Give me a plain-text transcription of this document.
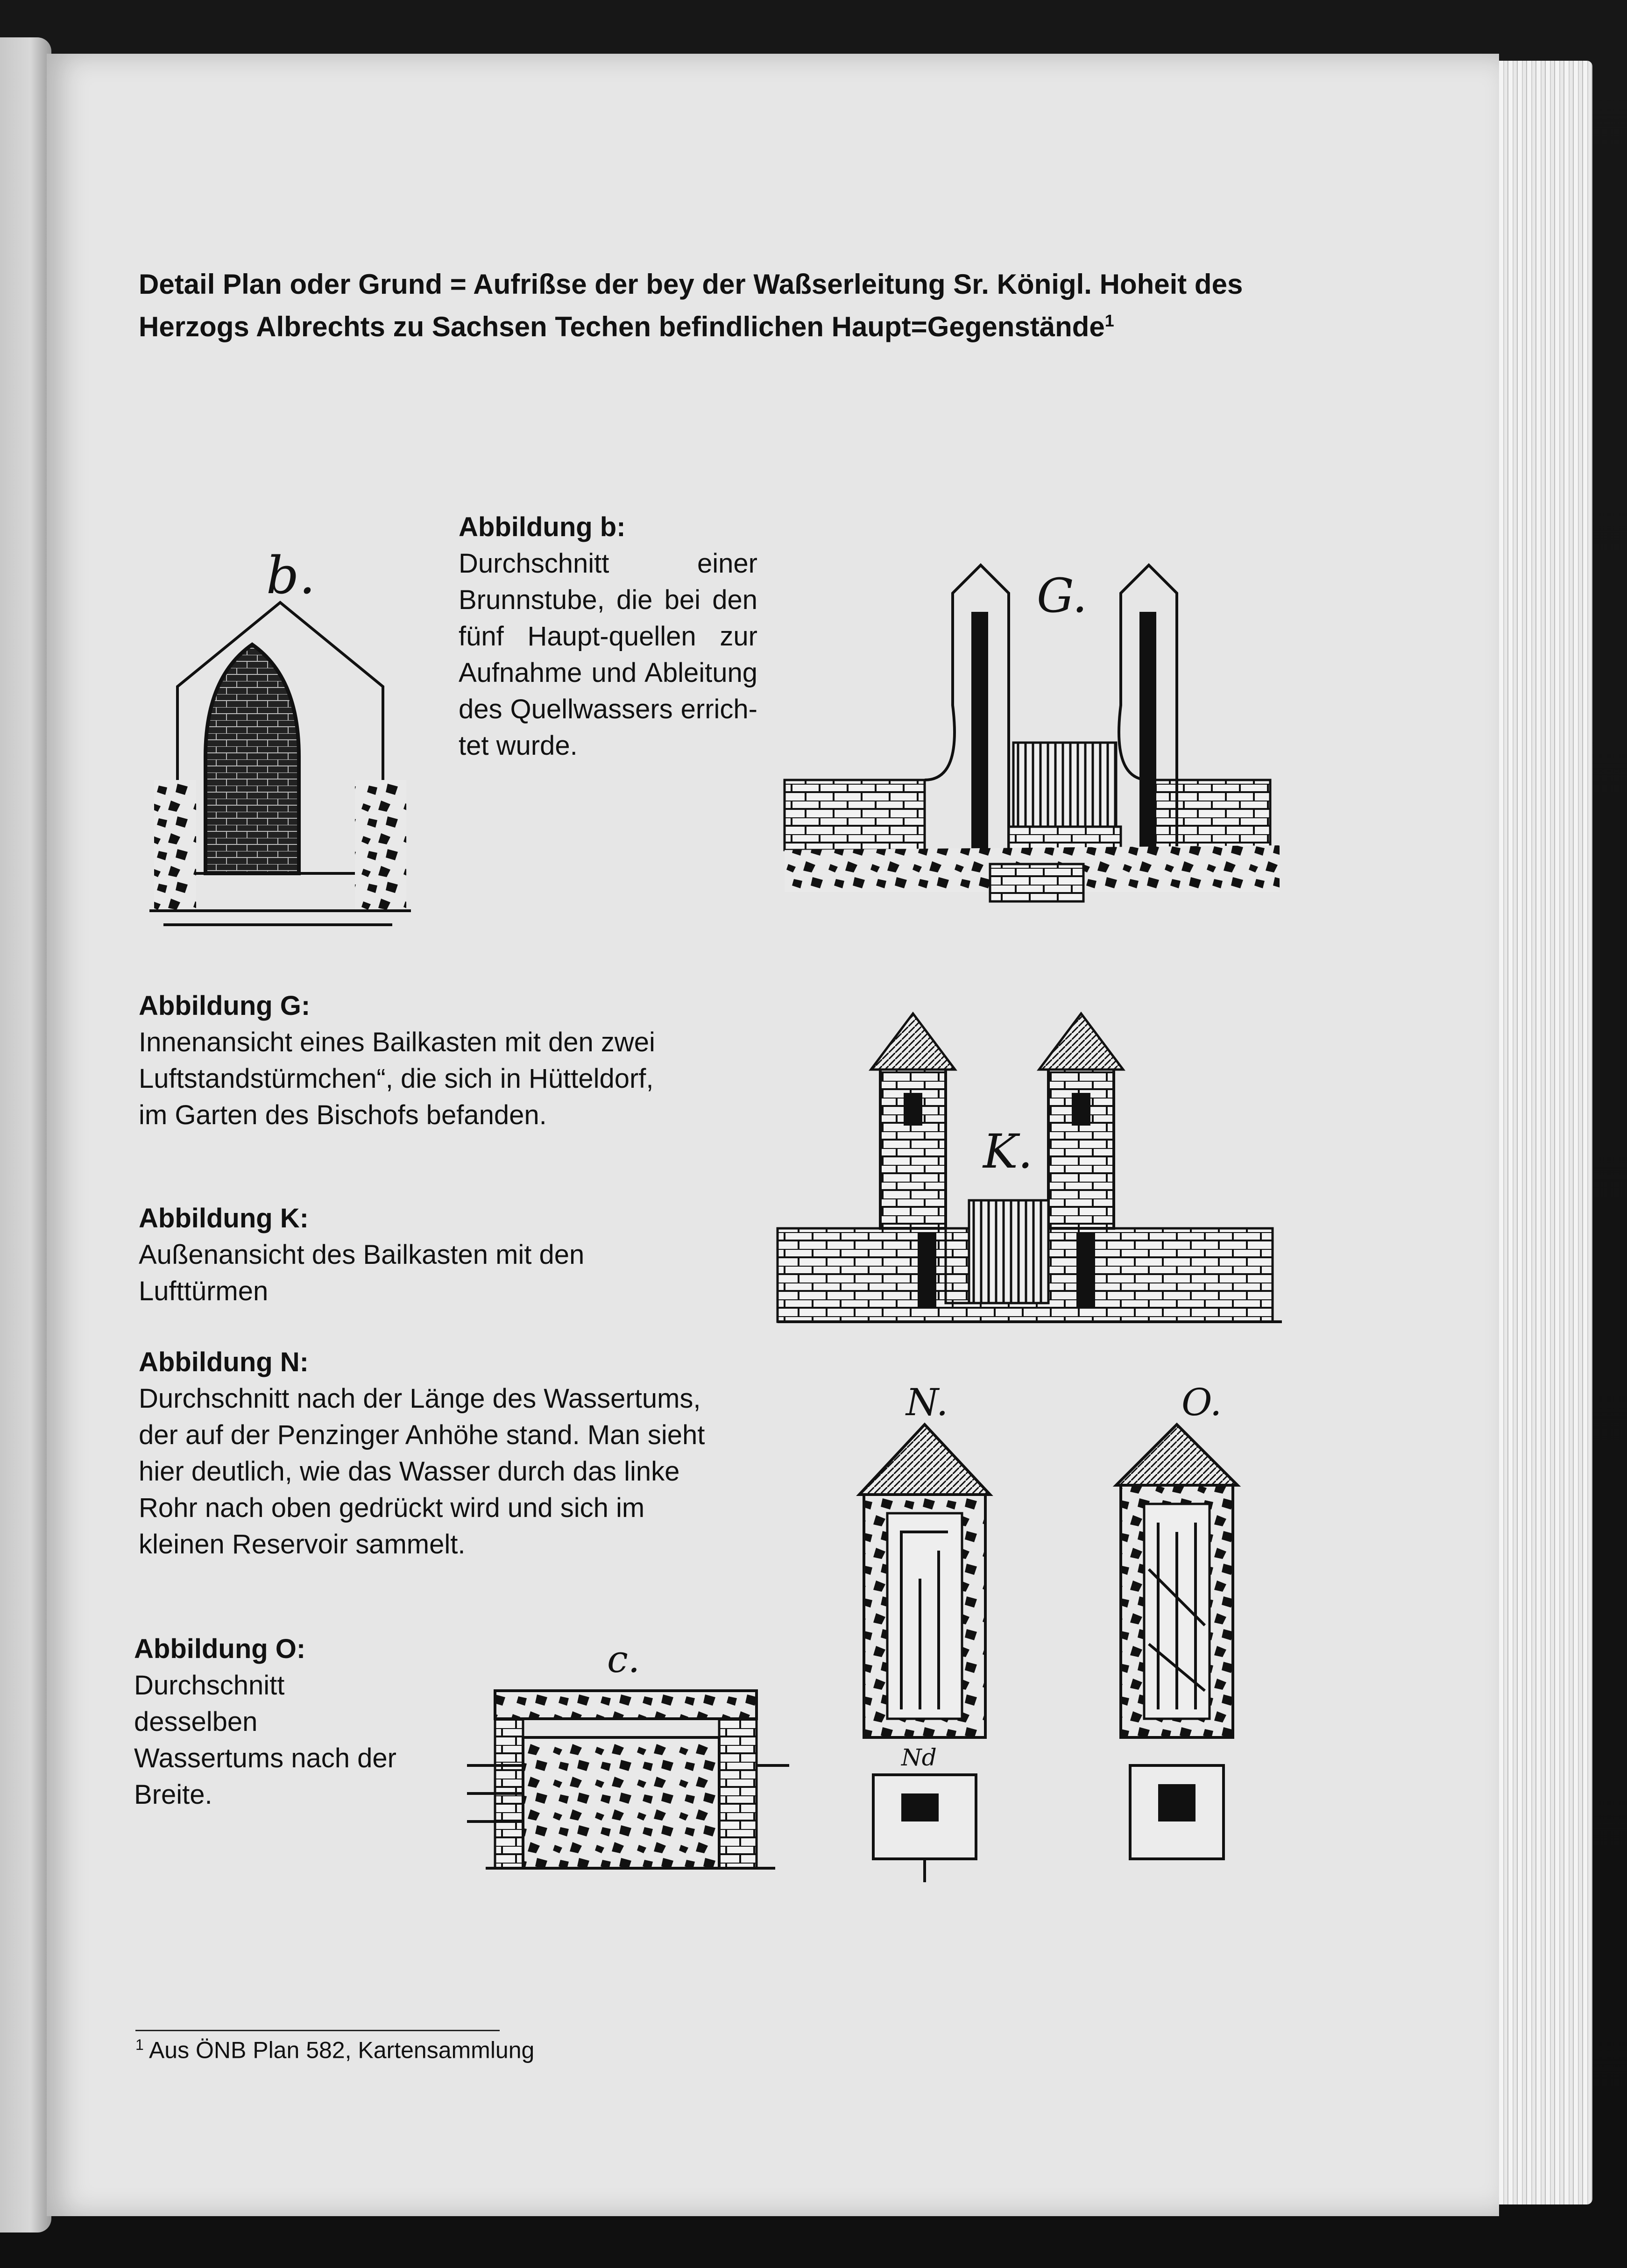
Detail Plan oder Grund = Aufrißse der bey der Waßserleitung Sr. Königl. Hoheit des Herzogs Albrechts zu Sachsen Techen befindlichen Haupt=Gegenstände$^1$
Abbildung b:
Durchschnitt einer Brunnstube, die bei den fünf Haupt-quellen zur Aufnahme und Ableitung des Quellwassers errich-tet wurde.
Abbildung G:
Innenansicht eines Bailkasten mit den zwei Luftstandstürmchen“, die sich in Hütteldorf, im Garten des Bischofs befanden.
Abbildung K:
Außenansicht des Bailkasten mit den Lufttürmen
Abbildung N:
Durchschnitt nach der Länge des Wassertums, der auf der Penzinger Anhöhe stand. Man sieht hier deutlich, wie das Wasser durch das linke Rohr nach oben gedrückt wird und sich im kleinen Reservoir sammelt.
Abbildung O:
Durchschnitt desselben Wassertums nach der Breite.
b.	G.
K.
N.
Nd
O.
c.
$^1$ Aus ÖNB Plan 582, Kartensammlung
